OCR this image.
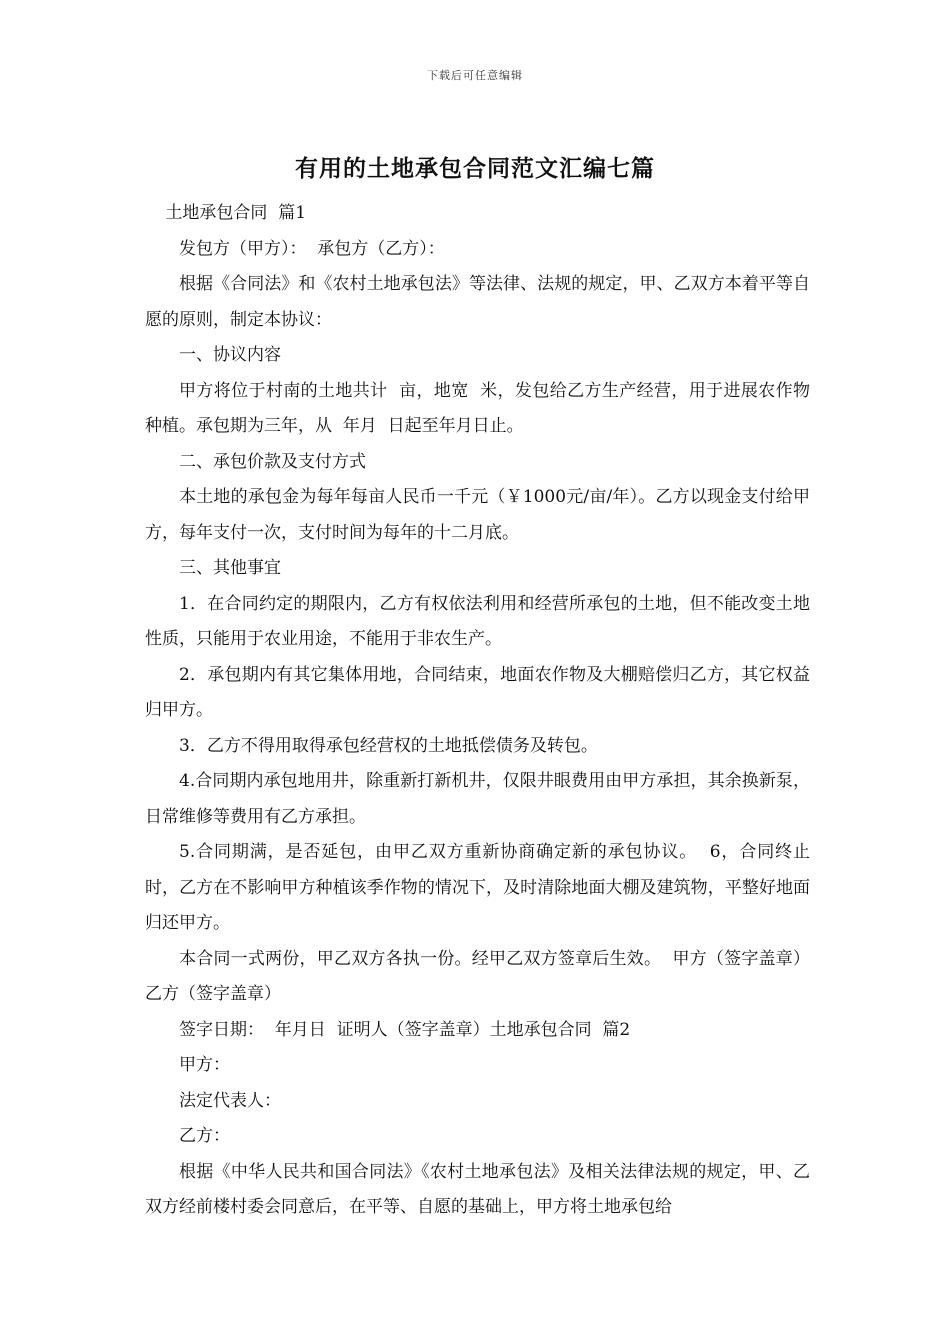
下载后可任意编辑
有用的土地承包合同范文汇编七篇

土地承包合同  篇1

发包方（甲方）：  承包方（乙方）：

根据《合同法》和《农村土地承包法》等法律、法规的规定，甲、乙双方本着平等自愿的原则，制定本协议：

一、协议内容

甲方将位于村南的土地共计  亩，地宽  米，发包给乙方生产经营，用于进展农作物种植。承包期为三年，从  年月  日起至年月日止。

二、承包价款及支付方式

本土地的承包金为每年每亩人民币一千元（￥1000元/亩/年）。乙方以现金支付给甲方，每年支付一次，支付时间为每年的十二月底。

三、其他事宜

1．在合同约定的期限内，乙方有权依法利用和经营所承包的土地，但不能改变土地性质，只能用于农业用途，不能用于非农生产。

2．承包期内有其它集体用地，合同结束，地面农作物及大棚赔偿归乙方，其它权益归甲方。

3．乙方不得用取得承包经营权的土地抵偿债务及转包。

4.合同期内承包地用井，除重新打新机井，仅限井眼费用由甲方承担，其余换新泵，日常维修等费用有乙方承担。

5.合同期满，是否延包，由甲乙双方重新协商确定新的承包协议。  6，合同终止时，乙方在不影响甲方种植该季作物的情况下，及时清除地面大棚及建筑物，平整好地面归还甲方。

本合同一式两份，甲乙双方各执一份。经甲乙双方签章后生效。  甲方（签字盖章）  乙方（签字盖章）

签字日期：  年月日  证明人（签字盖章）土地承包合同  篇2

甲方：

法定代表人：

乙方：

根据《中华人民共和国合同法》《农村土地承包法》及相关法律法规的规定，甲、乙双方经前楼村委会同意后，在平等、自愿的基础上，甲方将土地承包给
